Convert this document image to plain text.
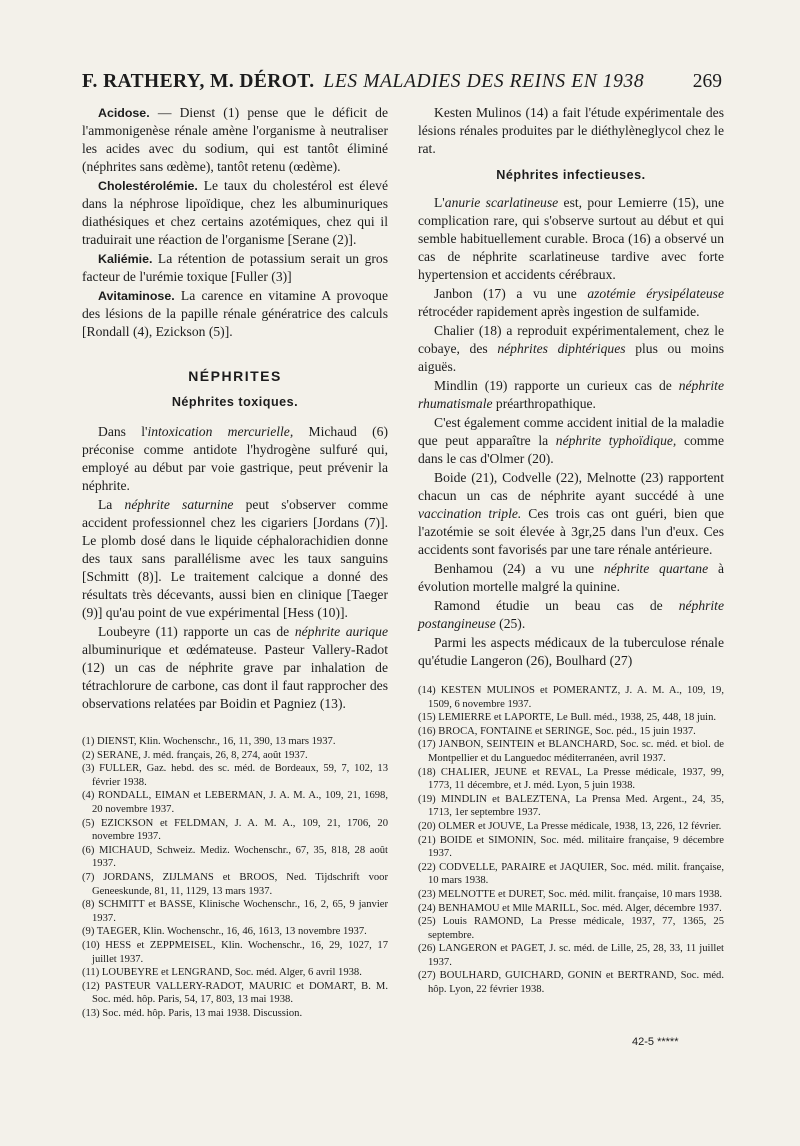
F. RATHERY, M. DÉROT. LES MALADIES DES REINS EN 1938 269

Acidose. — Dienst (1) pense que le déficit de l'ammonigenèse rénale amène l'organisme à neutraliser les acides avec du sodium, qui est tantôt éliminé (néphrites sans œdème), tantôt retenu (œdème).

Cholestérolémie. Le taux du cholestérol est élevé dans la néphrose lipoïdique, chez les albuminuriques diathésiques et chez certains azotémiques, chez qui il traduirait une réaction de l'organisme [Serane (2)].

Kaliémie. La rétention de potassium serait un gros facteur de l'urémie toxique [Fuller (3)]

Avitaminose. La carence en vitamine A provoque des lésions de la papille rénale génératrice des calculs [Rondall (4), Ezickson (5)].

NÉPHRITES
Néphrites toxiques.

Dans l'intoxication mercurielle, Michaud (6) préconise comme antidote l'hydrogène sulfuré qui, employé au début par voie gastrique, peut prévenir la néphrite.

La néphrite saturnine peut s'observer comme accident professionnel chez les cigariers [Jordans (7)]. Le plomb dosé dans le liquide céphalorachidien donne des taux sans parallélisme avec les taux sanguins [Schmitt (8)]. Le traitement calcique a donné des résultats très décevants, aussi bien en clinique [Taeger (9)] qu'au point de vue expérimental [Hess (10)].

Loubeyre (11) rapporte un cas de néphrite aurique albuminurique et œdémateuse. Pasteur Vallery-Radot (12) un cas de néphrite grave par inhalation de tétrachlorure de carbone, cas dont il faut rapprocher des observations relatées par Boidin et Pagniez (13).

(1) DIENST, Klin. Wochenschr., 16, 11, 390, 13 mars 1937.

(2) SERANE, J. méd. français, 26, 8, 274, août 1937.

(3) FULLER, Gaz. hebd. des sc. méd. de Bordeaux, 59, 7, 102, 13 février 1938.

(4) RONDALL, EIMAN et LEBERMAN, J. A. M. A., 109, 21, 1698, 20 novembre 1937.

(5) EZICKSON et FELDMAN, J. A. M. A., 109, 21, 1706, 20 novembre 1937.

(6) MICHAUD, Schweiz. Mediz. Wochenschr., 67, 35, 818, 28 août 1937.

(7) JORDANS, ZIJLMANS et BROOS, Ned. Tijdschrift voor Geneeskunde, 81, 11, 1129, 13 mars 1937.

(8) SCHMITT et BASSE, Klinische Wochenschr., 16, 2, 65, 9 janvier 1937.

(9) TAEGER, Klin. Wochenschr., 16, 46, 1613, 13 novembre 1937.

(10) HESS et ZEPPMEISEL, Klin. Wochenschr., 16, 29, 1027, 17 juillet 1937.

(11) LOUBEYRE et LENGRAND, Soc. méd. Alger, 6 avril 1938.

(12) PASTEUR VALLERY-RADOT, MAURIC et DOMART, B. M. Soc. méd. hôp. Paris, 54, 17, 803, 13 mai 1938.

(13) Soc. méd. hôp. Paris, 13 mai 1938. Discussion.

Kesten Mulinos (14) a fait l'étude expérimentale des lésions rénales produites par le diéthylèneglycol chez le rat.

Néphrites infectieuses.

L'anurie scarlatineuse est, pour Lemierre (15), une complication rare, qui s'observe surtout au début et qui semble habituellement curable. Broca (16) a observé un cas de néphrite scarlatineuse tardive avec forte hypertension et accidents cérébraux.

Janbon (17) a vu une azotémie érysipélateuse rétrocéder rapidement après ingestion de sulfamide.

Chalier (18) a reproduit expérimentalement, chez le cobaye, des néphrites diphtériques plus ou moins aiguës.

Mindlin (19) rapporte un curieux cas de néphrite rhumatismale préarthropathique.

C'est également comme accident initial de la maladie que peut apparaître la néphrite typhoïdique, comme dans le cas d'Olmer (20).

Boide (21), Codvelle (22), Melnotte (23) rapportent chacun un cas de néphrite ayant succédé à une vaccination triple. Ces trois cas ont guéri, bien que l'azotémie se soit élevée à 3gr,25 dans l'un d'eux. Ces accidents sont favorisés par une tare rénale antérieure.

Benhamou (24) a vu une néphrite quartane à évolution mortelle malgré la quinine.

Ramond étudie un beau cas de néphrite postangineuse (25).

Parmi les aspects médicaux de la tuberculose rénale qu'étudie Langeron (26), Boulhard (27)

(14) KESTEN MULINOS et POMERANTZ, J. A. M. A., 109, 19, 1509, 6 novembre 1937.

(15) LEMIERRE et LAPORTE, Le Bull. méd., 1938, 25, 448, 18 juin.

(16) BROCA, FONTAINE et SERINGE, Soc. péd., 15 juin 1937.

(17) JANBON, SEINTEIN et BLANCHARD, Soc. sc. méd. et biol. de Montpellier et du Languedoc méditerranéen, avril 1937.

(18) CHALIER, JEUNE et REVAL, La Presse médicale, 1937, 99, 1773, 11 décembre, et J. méd. Lyon, 5 juin 1938.

(19) MINDLIN et BALEZTENA, La Prensa Med. Argent., 24, 35, 1713, 1er septembre 1937.

(20) OLMER et JOUVE, La Presse médicale, 1938, 13, 226, 12 février.

(21) BOIDE et SIMONIN, Soc. méd. militaire française, 9 décembre 1937.

(22) CODVELLE, PARAIRE et JAQUIER, Soc. méd. milit. française, 10 mars 1938.

(23) MELNOTTE et DURET, Soc. méd. milit. française, 10 mars 1938.

(24) BENHAMOU et Mlle MARILL, Soc. méd. Alger, décembre 1937.

(25) Louis RAMOND, La Presse médicale, 1937, 77, 1365, 25 septembre.

(26) LANGERON et PAGET, J. sc. méd. de Lille, 25, 28, 33, 11 juillet 1937.

(27) BOULHARD, GUICHARD, GONIN et BERTRAND, Soc. méd. hôp. Lyon, 22 février 1938.

42-5 *****
